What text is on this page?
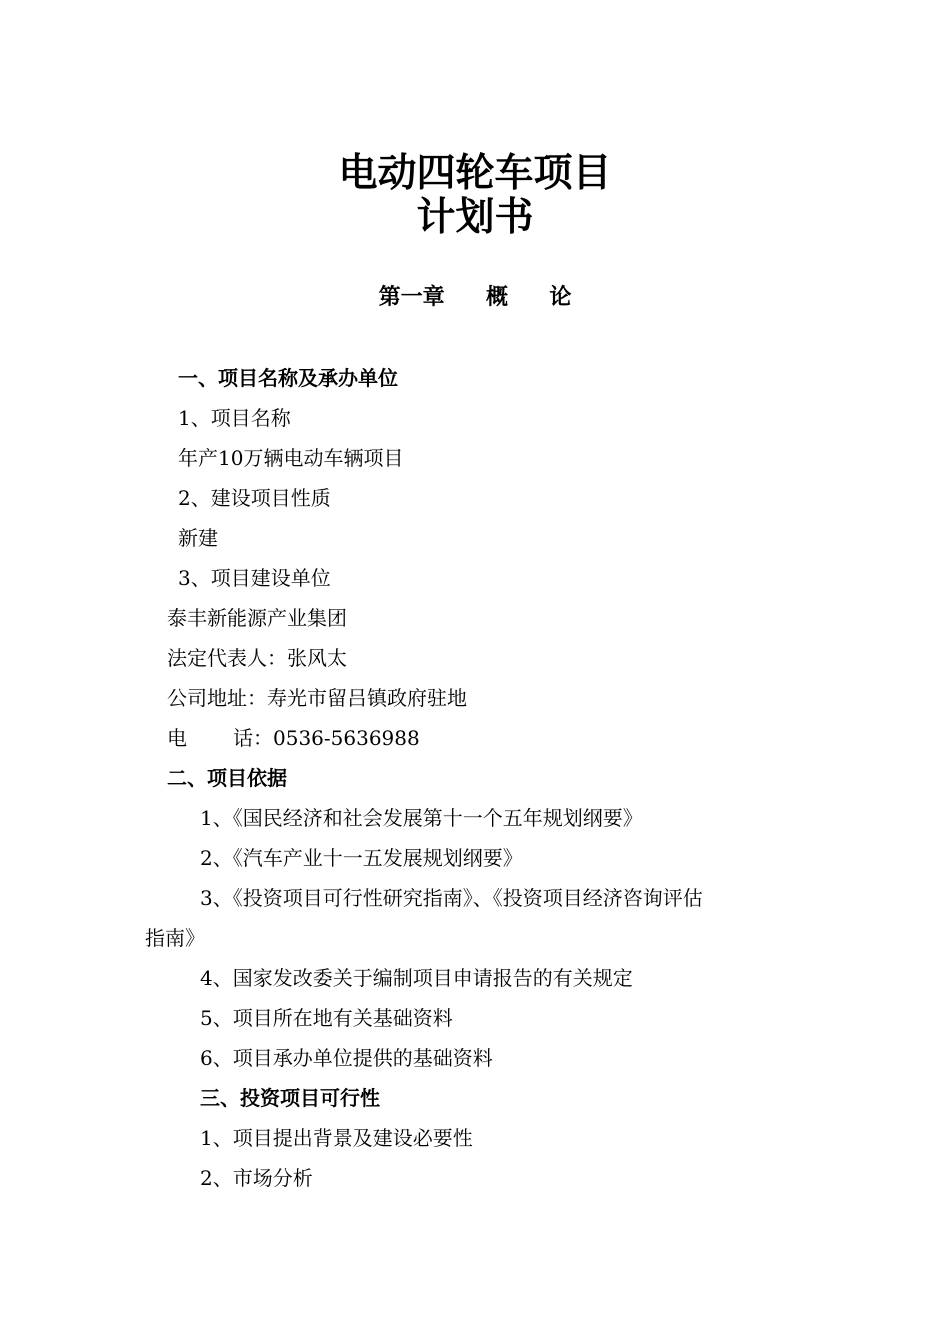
电动四轮车项目
计划书
第一章 概 论
一、项目名称及承办单位
1、项目名称
年产10万辆电动车辆项目
2、建设项目性质
新建
3、项目建设单位
泰丰新能源产业集团
法定代表人：张风太
公司地址：寿光市留吕镇政府驻地
电 话：0536-5636988
二、项目依据
1、《国民经济和社会发展第十一个五年规划纲要》
2、《汽车产业十一五发展规划纲要》
3、《投资项目可行性研究指南》、《投资项目经济咨询评估
指南》
4、国家发改委关于编制项目申请报告的有关规定
5、项目所在地有关基础资料
6、项目承办单位提供的基础资料
三、投资项目可行性
1、项目提出背景及建设必要性
2、市场分析
